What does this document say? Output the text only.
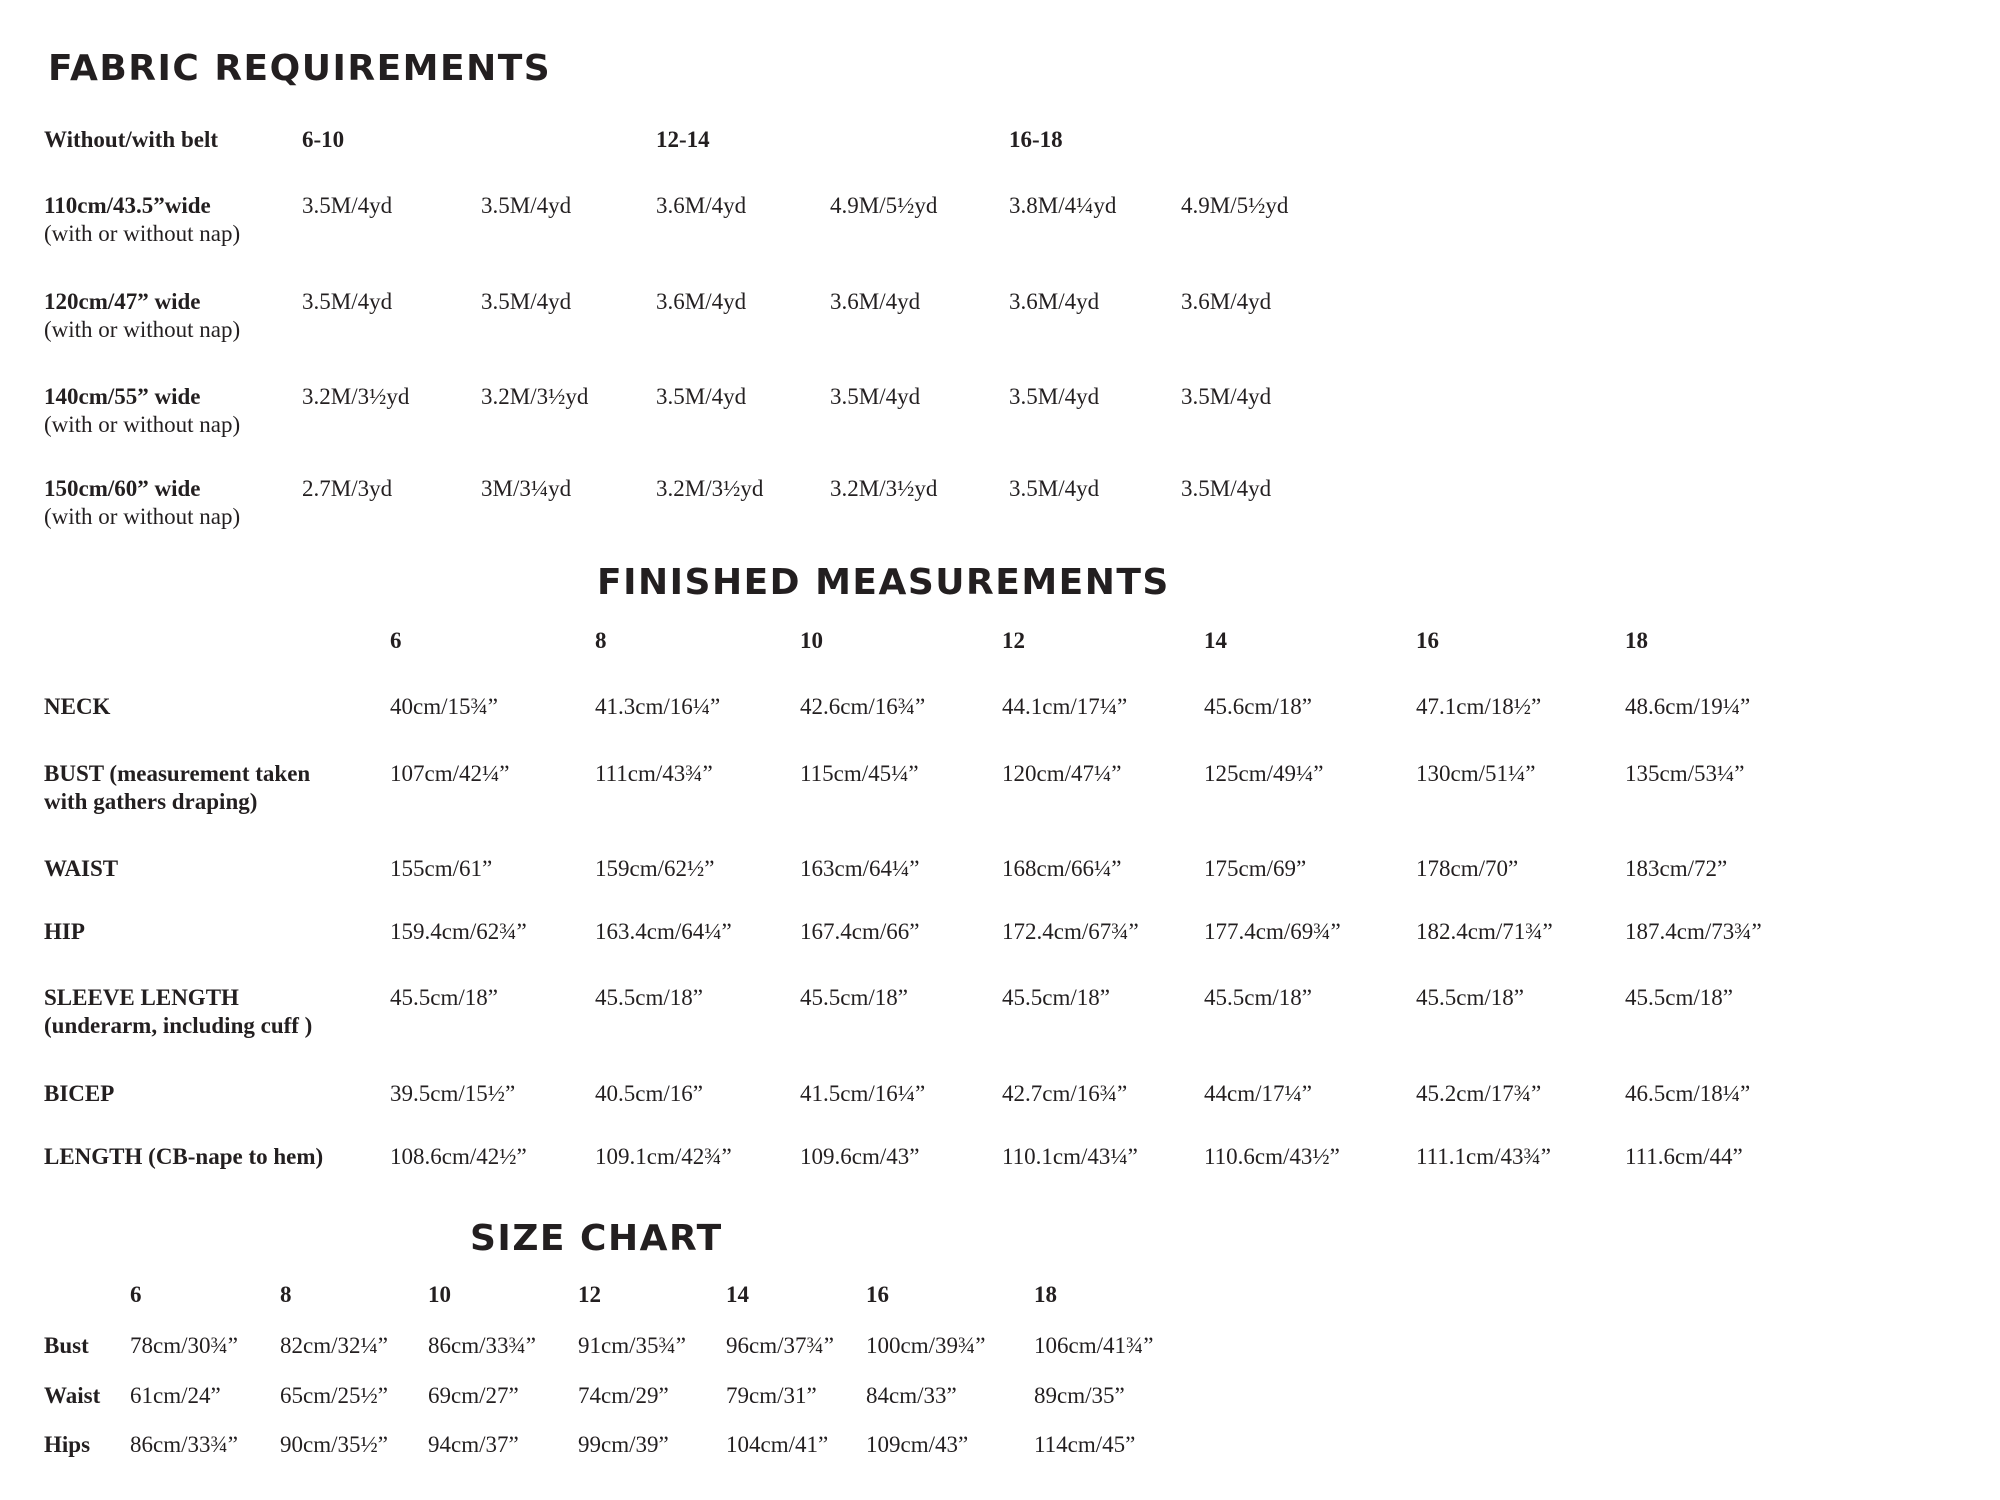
FABRIC REQUIREMENTS
Without/with belt	6-10	12-14	16-18
110cm/43.5”wide
(with or without nap)
3.5M/4yd	3.5M/4yd	3.6M/4yd	4.9M/5½yd	3.8M/4¼yd	4.9M/5½yd
120cm/47” wide
(with or without nap)
3.5M/4yd	3.5M/4yd	3.6M/4yd	3.6M/4yd	3.6M/4yd	3.6M/4yd
140cm/55” wide
(with or without nap)
3.2M/3½yd	3.2M/3½yd	3.5M/4yd	3.5M/4yd	3.5M/4yd	3.5M/4yd
150cm/60” wide
(with or without nap)
2.7M/3yd	3M/3¼yd	3.2M/3½yd	3.2M/3½yd	3.5M/4yd	3.5M/4yd
FINISHED MEASUREMENTS
6	8	10	12	14	16	18
NECK	40cm/15¾”	41.3cm/16¼”	42.6cm/16¾”	44.1cm/17¼”	45.6cm/18”	47.1cm/18½”	48.6cm/19¼”
BUST (measurement taken
with gathers draping)
107cm/42¼”	111cm/43¾”	115cm/45¼”	120cm/47¼”	125cm/49¼”	130cm/51¼”	135cm/53¼”
WAIST	155cm/61”	159cm/62½”	163cm/64¼”	168cm/66¼”	175cm/69”	178cm/70”	183cm/72”
HIP	159.4cm/62¾”	163.4cm/64¼”	167.4cm/66”	172.4cm/67¾”	177.4cm/69¾”	182.4cm/71¾”	187.4cm/73¾”
SLEEVE LENGTH
(underarm, including cuff )
45.5cm/18”	45.5cm/18”	45.5cm/18”	45.5cm/18”	45.5cm/18”	45.5cm/18”	45.5cm/18”
BICEP	39.5cm/15½”	40.5cm/16”	41.5cm/16¼”	42.7cm/16¾”	44cm/17¼”	45.2cm/17¾”	46.5cm/18¼”
LENGTH (CB-nape to hem)	108.6cm/42½”	109.1cm/42¾”	109.6cm/43”	110.1cm/43¼”	110.6cm/43½”	111.1cm/43¾”	111.6cm/44”
SIZE CHART
6	8	10	12	14	16	18
Bust 78cm/30¾” 82cm/32¼” 86cm/33¾” 91cm/35¾” 96cm/37¾” 100cm/39¾” 106cm/41¾”
Waist 61cm/24”	65cm/25½” 69cm/27”	74cm/29” 79cm/31” 84cm/33”	89cm/35”
Hips 86cm/33¾” 90cm/35½” 94cm/37”	99cm/39” 104cm/41” 109cm/43”	114cm/45”
